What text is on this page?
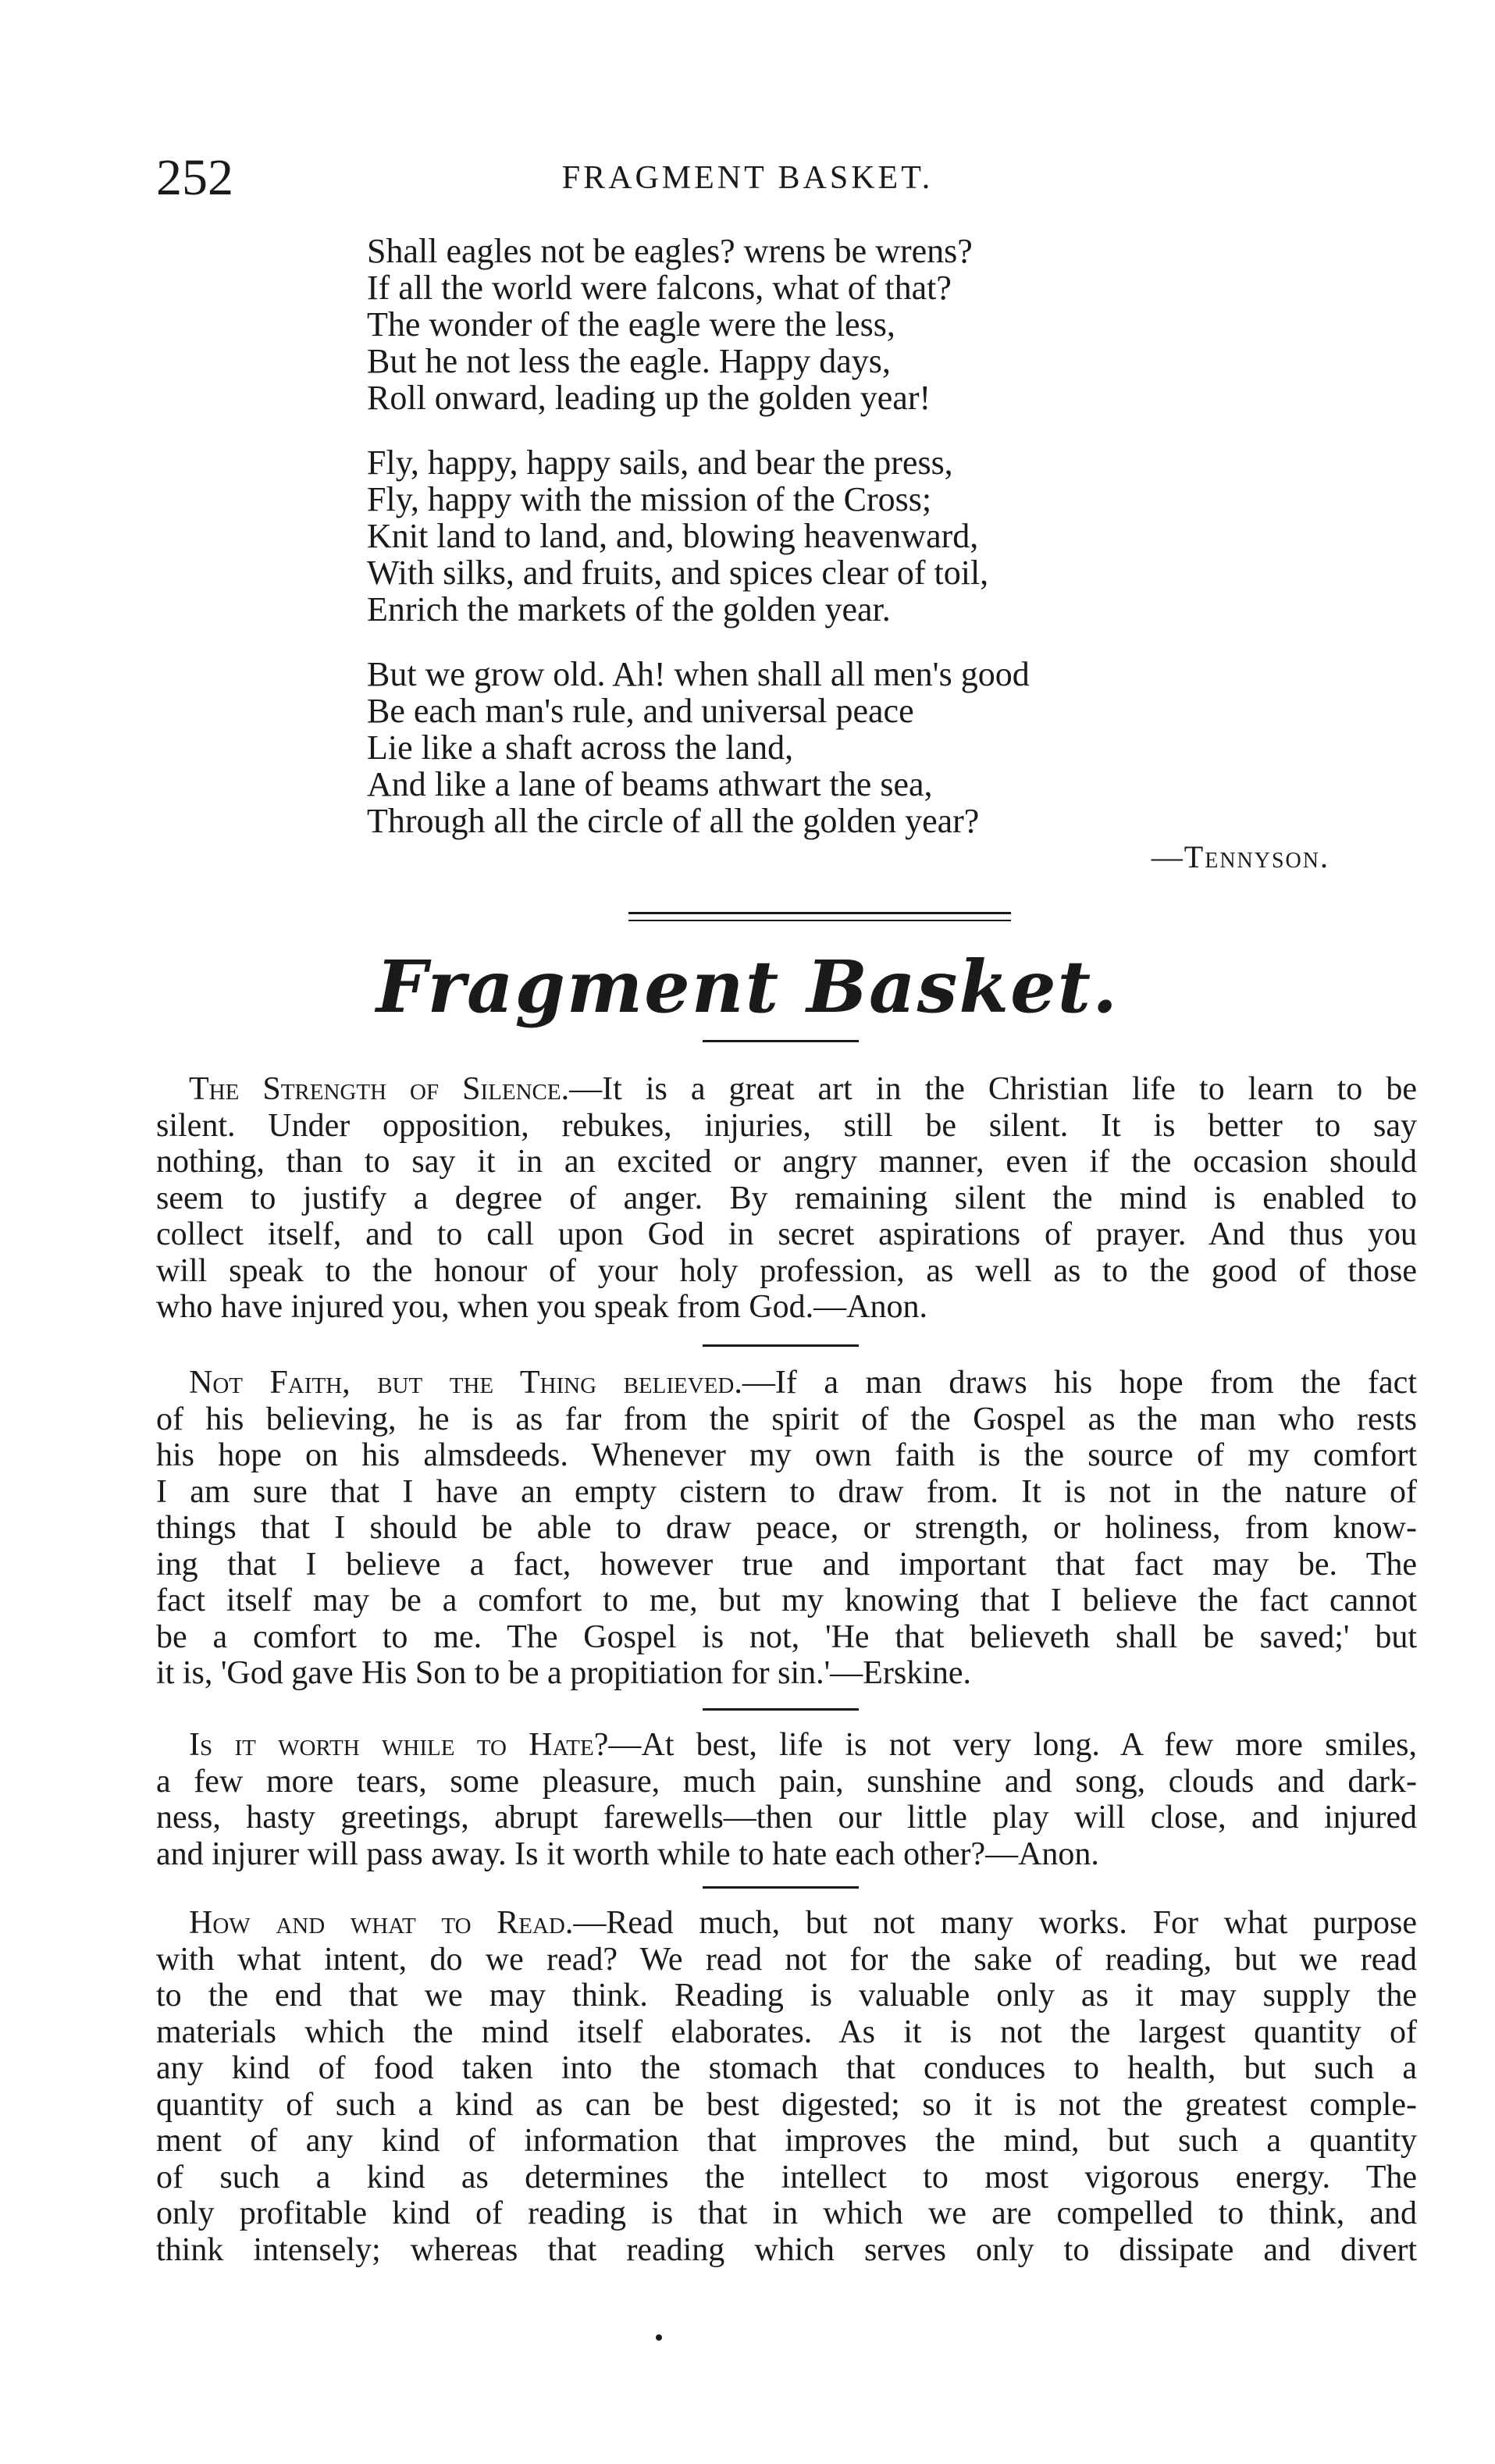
252	FRAGMENT BASKET.
Shall eagles not be eagles? wrens be wrens?
If all the world were falcons, what of that?
The wonder of the eagle were the less,
But he not less the eagle. Happy days,
Roll onward, leading up the golden year!
Fly, happy, happy sails, and bear the press,
Fly, happy with the mission of the Cross;
Knit land to land, and, blowing heavenward,
With silks, and fruits, and spices clear of toil,
Enrich the markets of the golden year.
But we grow old. Ah! when shall all men's good
Be each man's rule, and universal peace
Lie like a shaft across the land,
And like a lane of beams athwart the sea,
Through all the circle of all the golden year?
—Tennyson.
Fragment Basket.
The Strength of Silence.—It is a great art in the Christian life to learn to be
silent. Under opposition, rebukes, injuries, still be silent. It is better to say
nothing, than to say it in an excited or angry manner, even if the occasion should
seem to justify a degree of anger. By remaining silent the mind is enabled to
collect itself, and to call upon God in secret aspirations of prayer. And thus you
will speak to the honour of your holy profession, as well as to the good of those
who have injured you, when you speak from God.—Anon.
Not Faith, but the Thing believed.—If a man draws his hope from the fact
of his believing, he is as far from the spirit of the Gospel as the man who rests
his hope on his almsdeeds. Whenever my own faith is the source of my comfort
I am sure that I have an empty cistern to draw from. It is not in the nature of
things that I should be able to draw peace, or strength, or holiness, from know-
ing that I believe a fact, however true and important that fact may be. The
fact itself may be a comfort to me, but my knowing that I believe the fact cannot
be a comfort to me. The Gospel is not, 'He that believeth shall be saved;' but
it is, 'God gave His Son to be a propitiation for sin.'—Erskine.
Is it worth while to Hate?—At best, life is not very long. A few more smiles,
a few more tears, some pleasure, much pain, sunshine and song, clouds and dark-
ness, hasty greetings, abrupt farewells—then our little play will close, and injured
and injurer will pass away. Is it worth while to hate each other?—Anon.
How and what to Read.—Read much, but not many works. For what purpose
with what intent, do we read? We read not for the sake of reading, but we read
to the end that we may think. Reading is valuable only as it may supply the
materials which the mind itself elaborates. As it is not the largest quantity of
any kind of food taken into the stomach that conduces to health, but such a
quantity of such a kind as can be best digested; so it is not the greatest comple-
ment of any kind of information that improves the mind, but such a quantity
of such a kind as determines the intellect to most vigorous energy. The
only profitable kind of reading is that in which we are compelled to think, and
think intensely; whereas that reading which serves only to dissipate and divert
